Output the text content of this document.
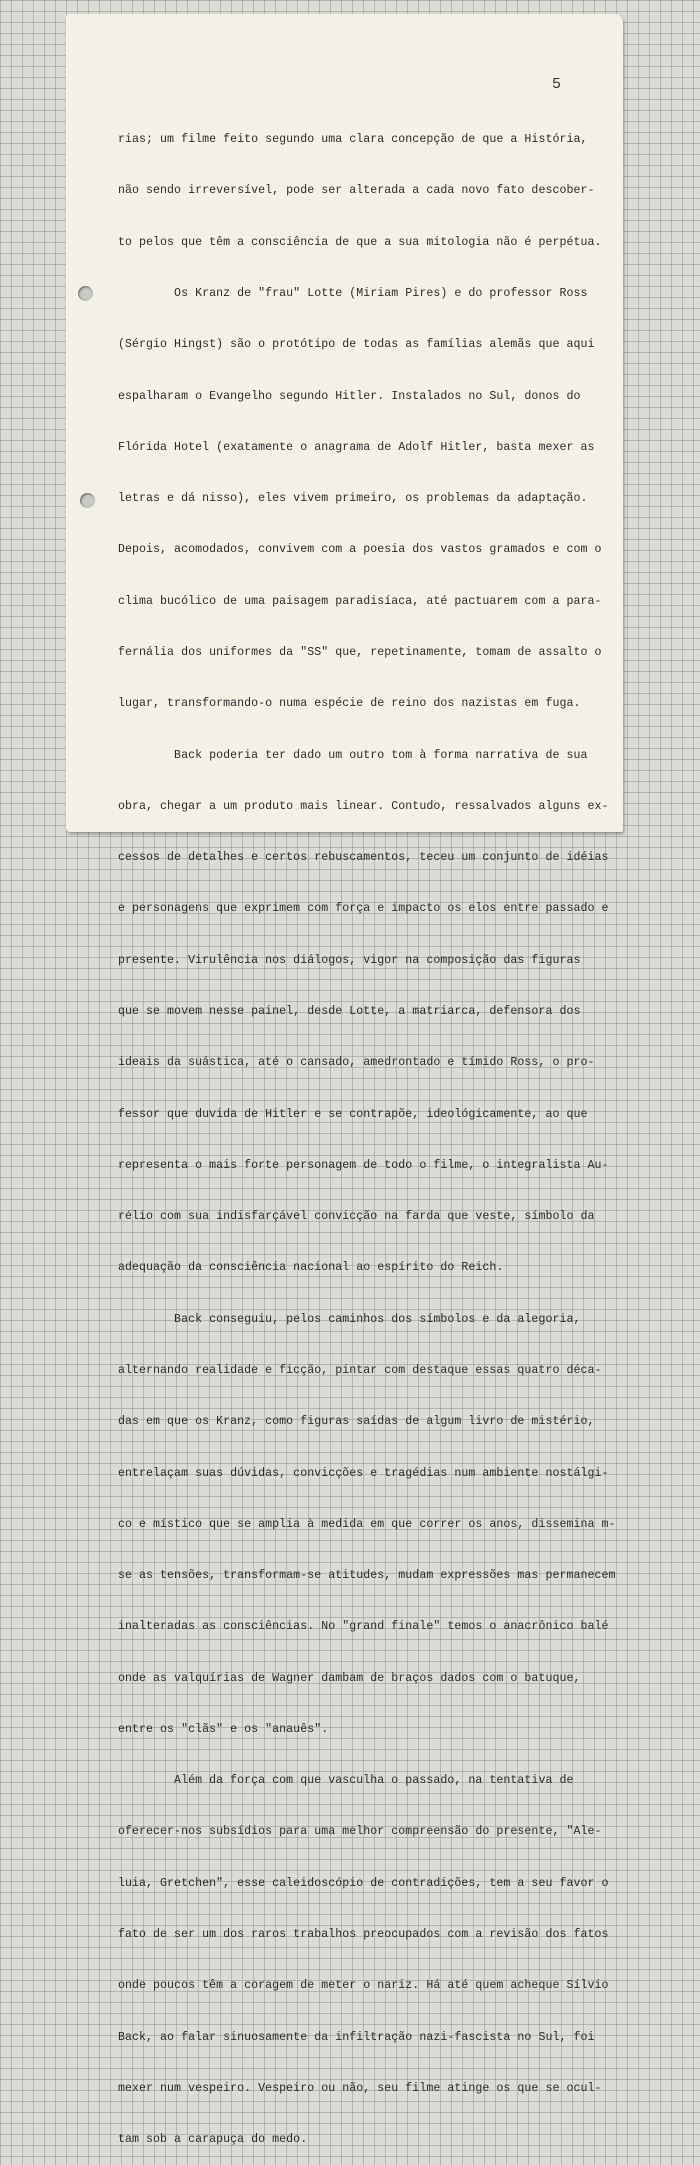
5

rias; um filme feito segundo uma clara concepção de que a História,

não sendo irreversível, pode ser alterada a cada novo fato descober-

to pelos que têm a consciência de que a sua mitologia não é perpétua.

Os Kranz de "frau" Lotte (Miriam Pires) e do professor Ross

(Sérgio Hingst) são o protótipo de todas as famílias alemãs que aqui

espalharam o Evangelho segundo Hitler. Instalados no Sul, donos do

Flórida Hotel (exatamente o anagrama de Adolf Hitler, basta mexer as

letras e dá nisso), eles vivem primeiro, os problemas da adaptação.

Depois, acomodados, convivem com a poesia dos vastos gramados e com o

clima bucólico de uma paisagem paradisíaca, até pactuarem com a para-

fernália dos uniformes da "SS" que, repetinamente, tomam de assalto o

lugar, transformando-o numa espécie de reino dos nazistas em fuga.

Back poderia ter dado um outro tom à forma narrativa de sua

obra, chegar a um produto mais linear. Contudo, ressalvados alguns ex-

cessos de detalhes e certos rebuscamentos, teceu um conjunto de idéias

e personagens que exprimem com força e impacto os elos entre passado e

presente. Virulência nos diálogos, vigor na composição das figuras

que se movem nesse painel, desde Lotte, a matriarca, defensora dos

ideais da suástica, até o cansado, amedrontado e tímido Ross, o pro-

fessor que duvida de Hitler e se contrapõe, ideológicamente, ao que

representa o mais forte personagem de todo o filme, o integralista Au-

rélio com sua indisfarçável convicção na farda que veste, símbolo da

adequação da consciência nacional ao espírito do Reich.

Back conseguiu, pelos caminhos dos símbolos e da alegoria,

alternando realidade e ficção, pintar com destaque essas quatro déca-

das em que os Kranz, como figuras saídas de algum livro de mistério,

entrelaçam suas dúvidas, convicções e tragédias num ambiente nostálgi-

co e místico que se amplia à medida em que correr os anos, dissemina m-

se as tensões, transformam-se atitudes, mudam expressões mas permanecem

inalteradas as consciências. No "grand finale" temos o anacrônico balé

onde as valquírias de Wagner dambam de braços dados com o batuque,

entre os "clãs" e os "anauês".

Além da força com que vasculha o passado, na tentativa de

oferecer-nos subsídios para uma melhor compreensão do presente, "Ale-

luia, Gretchen", esse caleidoscópio de contradições, tem a seu favor o

fato de ser um dos raros trabalhos preocupados com a revisão dos fatos

onde poucos têm a coragem de meter o nariz. Há até quem acheque Sílvio

Back, ao falar sinuosamente da infiltração nazi-fascista no Sul, foi

mexer num vespeiro. Vespeiro ou não, seu filme atinge os que se ocul-

tam sob a carapuça do medo.
